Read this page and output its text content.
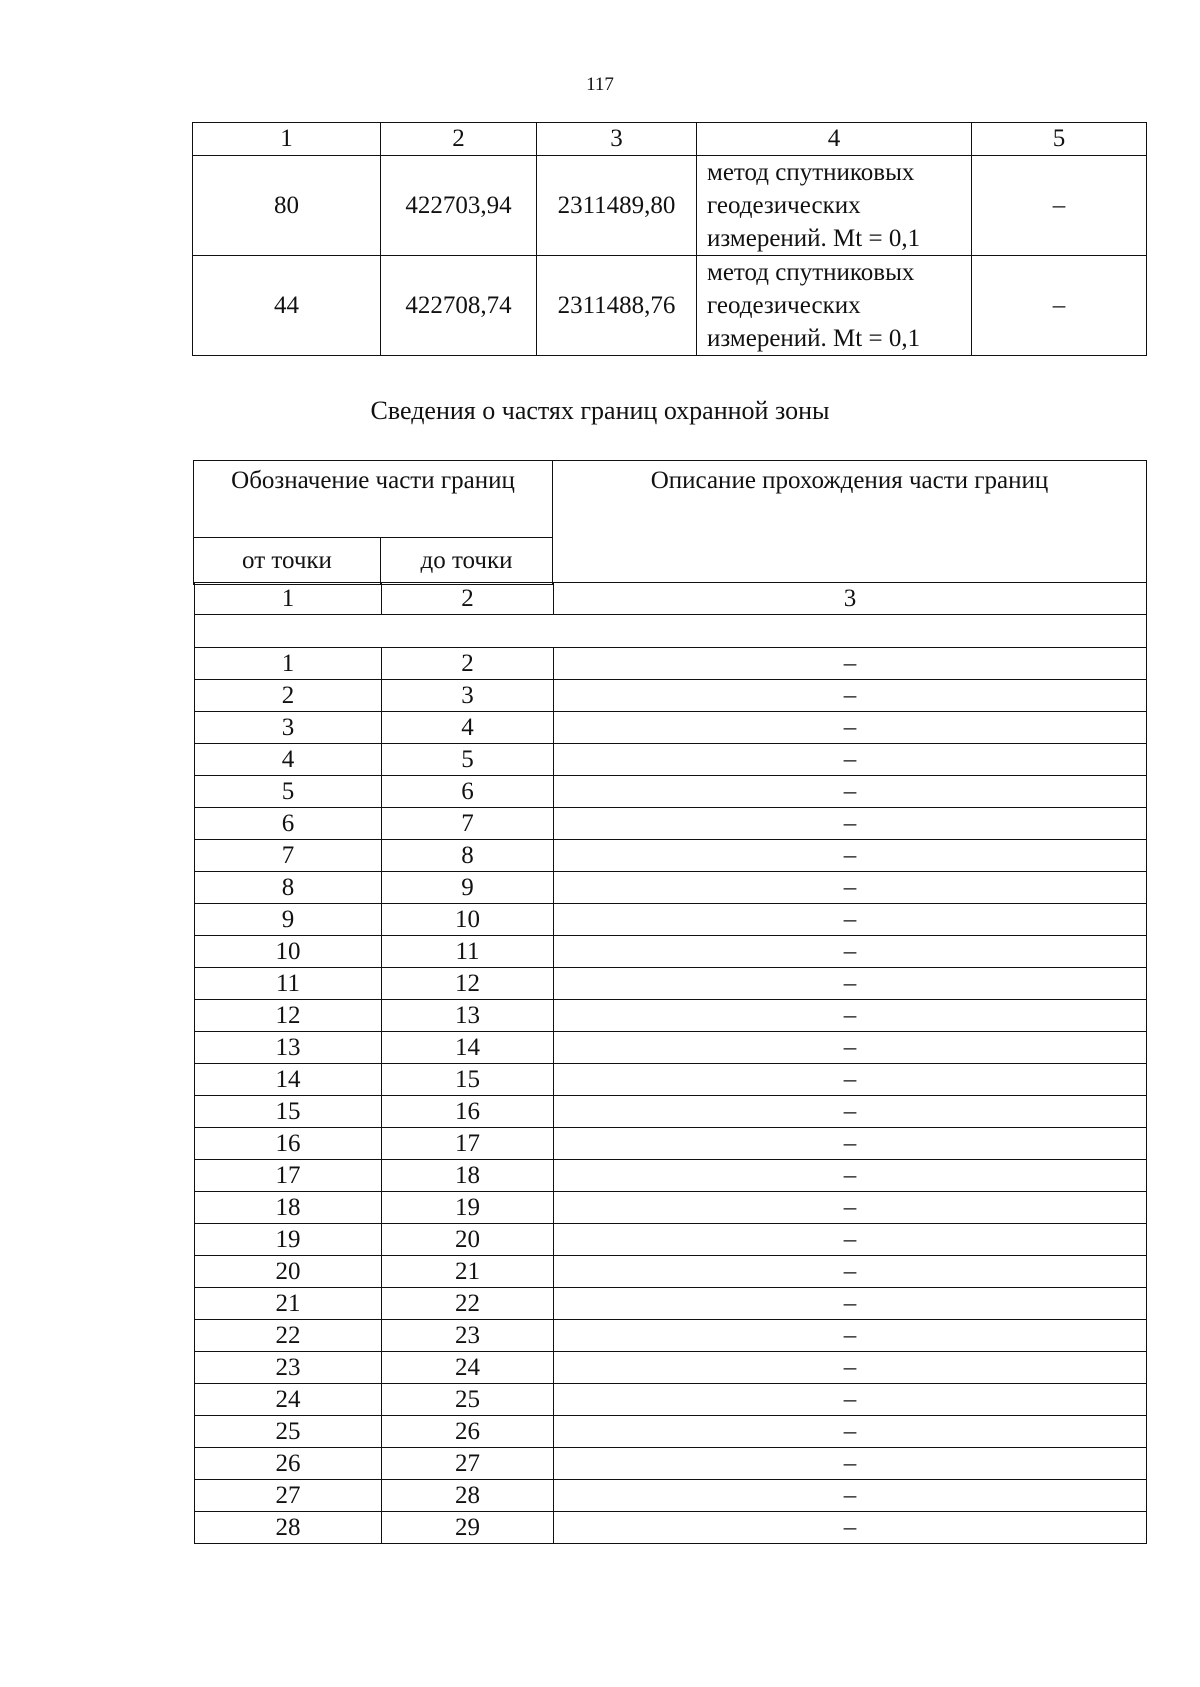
117
1	2	3	4	5
80	422703,94	2311489,80	метод спутниковых
геодезических
измерений. Mt = 0,1	–
44	422708,74	2311488,76	метод спутниковых
геодезических
измерений. Mt = 0,1	–
Сведения о частях границ охранной зоны
Обозначение части границ		Описание прохождения части границ
от точки	до точки	
1	2	3

1	2	–
2	3	–
3	4	–
4	5	–
5	6	–
6	7	–
7	8	–
8	9	–
9	10	–
10	11	–
11	12	–
12	13	–
13	14	–
14	15	–
15	16	–
16	17	–
17	18	–
18	19	–
19	20	–
20	21	–
21	22	–
22	23	–
23	24	–
24	25	–
25	26	–
26	27	–
27	28	–
28	29	–
